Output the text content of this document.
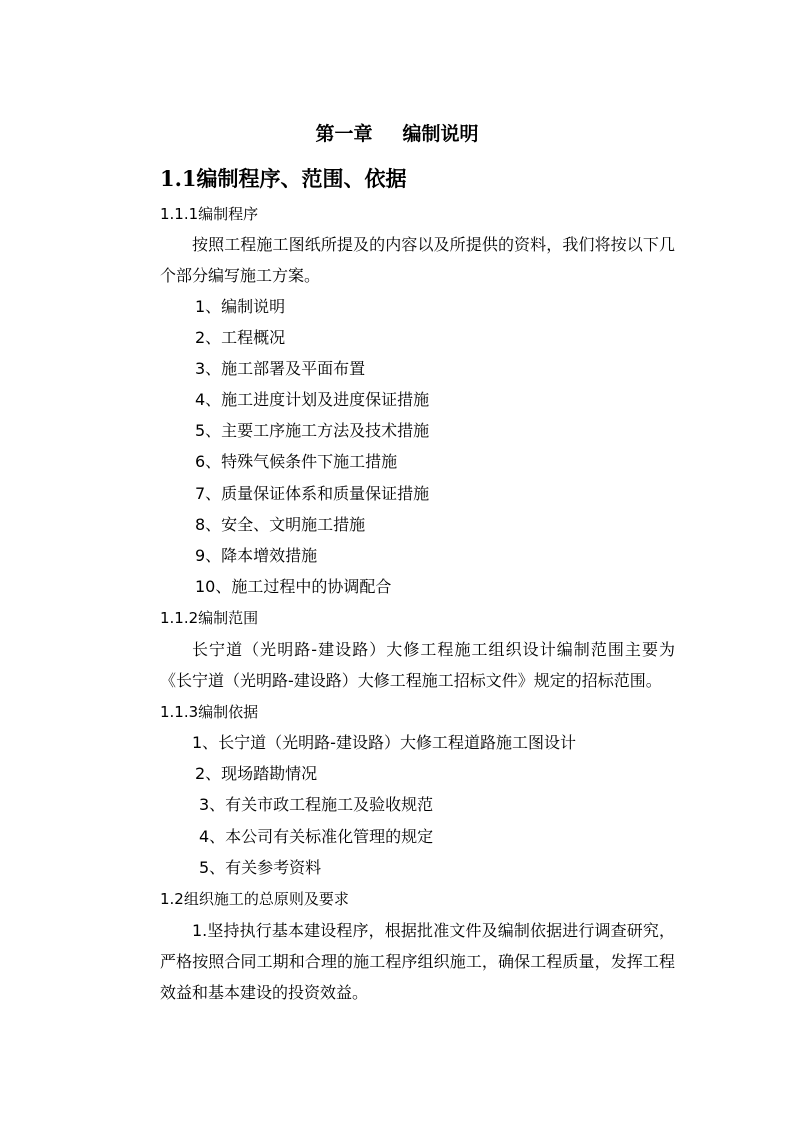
第一章 编制说明
1.1编制程序、范围、依据
1.1.1编制程序
按照工程施工图纸所提及的内容以及所提供的资料，我们将按以下几个部分编写施工方案。
1、编制说明
2、工程概况
3、施工部署及平面布置
4、施工进度计划及进度保证措施
5、主要工序施工方法及技术措施
6、特殊气候条件下施工措施
7、质量保证体系和质量保证措施
8、安全、文明施工措施
9、降本增效措施
10、施工过程中的协调配合
1.1.2编制范围
长宁道（光明路-建设路）大修工程施工组织设计编制范围主要为《长宁道（光明路-建设路）大修工程施工招标文件》规定的招标范围。
1.1.3编制依据
1、长宁道（光明路-建设路）大修工程道路施工图设计
2、现场踏勘情况
3、有关市政工程施工及验收规范
4、本公司有关标准化管理的规定
5、有关参考资料
1.2组织施工的总原则及要求
1.坚持执行基本建设程序，根据批准文件及编制依据进行调查研究，严格按照合同工期和合理的施工程序组织施工，确保工程质量，发挥工程效益和基本建设的投资效益。
